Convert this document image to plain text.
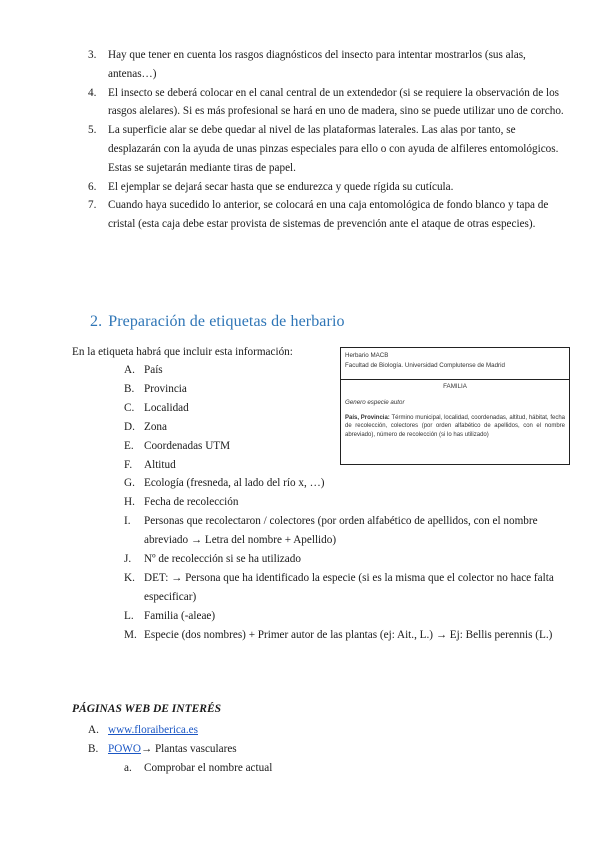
3. Hay que tener en cuenta los rasgos diagnósticos del insecto para intentar mostrarlos (sus alas, antenas…)
4. El insecto se deberá colocar en el canal central de un extendedor (si se requiere la observación de los rasgos alelares). Si es más profesional se hará en uno de madera, sino se puede utilizar uno de corcho.
5. La superficie alar se debe quedar al nivel de las plataformas laterales. Las alas por tanto, se desplazarán con la ayuda de unas pinzas especiales para ello o con ayuda de alfileres entomológicos. Estas se sujetarán mediante tiras de papel.
6. El ejemplar se dejará secar hasta que se endurezca y quede rígida su cutícula.
7. Cuando haya sucedido lo anterior, se colocará en una caja entomológica de fondo blanco y tapa de cristal (esta caja debe estar provista de sistemas de prevención ante el ataque de otras especies).
2. Preparación de etiquetas de herbario
En la etiqueta habrá que incluir esta información:
A. País
B. Provincia
C. Localidad
D. Zona
E. Coordenadas UTM
F. Altitud
G. Ecología (fresneda, al lado del río x, …)
H. Fecha de recolección
I. Personas que recolectaron / colectores (por orden alfabético de apellidos, con el nombre abreviado → Letra del nombre + Apellido)
J. Nº de recolección si se ha utilizado
K. DET: → Persona que ha identificado la especie (si es la misma que el colector no hace falta especificar)
L. Familia (-aleae)
M. Especie (dos nombres) + Primer autor de las plantas (ej: Ait., L.) → Ej: Bellis perennis (L.)
Herbario MACB
Facultad de Biología. Universidad Complutense de Madrid
FAMILIA
Genero especie autor
País, Provincia: Término municipal, localidad, coordenadas, altitud, hábitat, fecha de recolección, colectores (por orden alfabético de apellidos, con el nombre abreviado), número de recolección (si lo has utilizado)
PÁGINAS WEB DE INTERÉS
A. www.floraiberica.es
B. POWO→ Plantas vasculares
a. Comprobar el nombre actual
